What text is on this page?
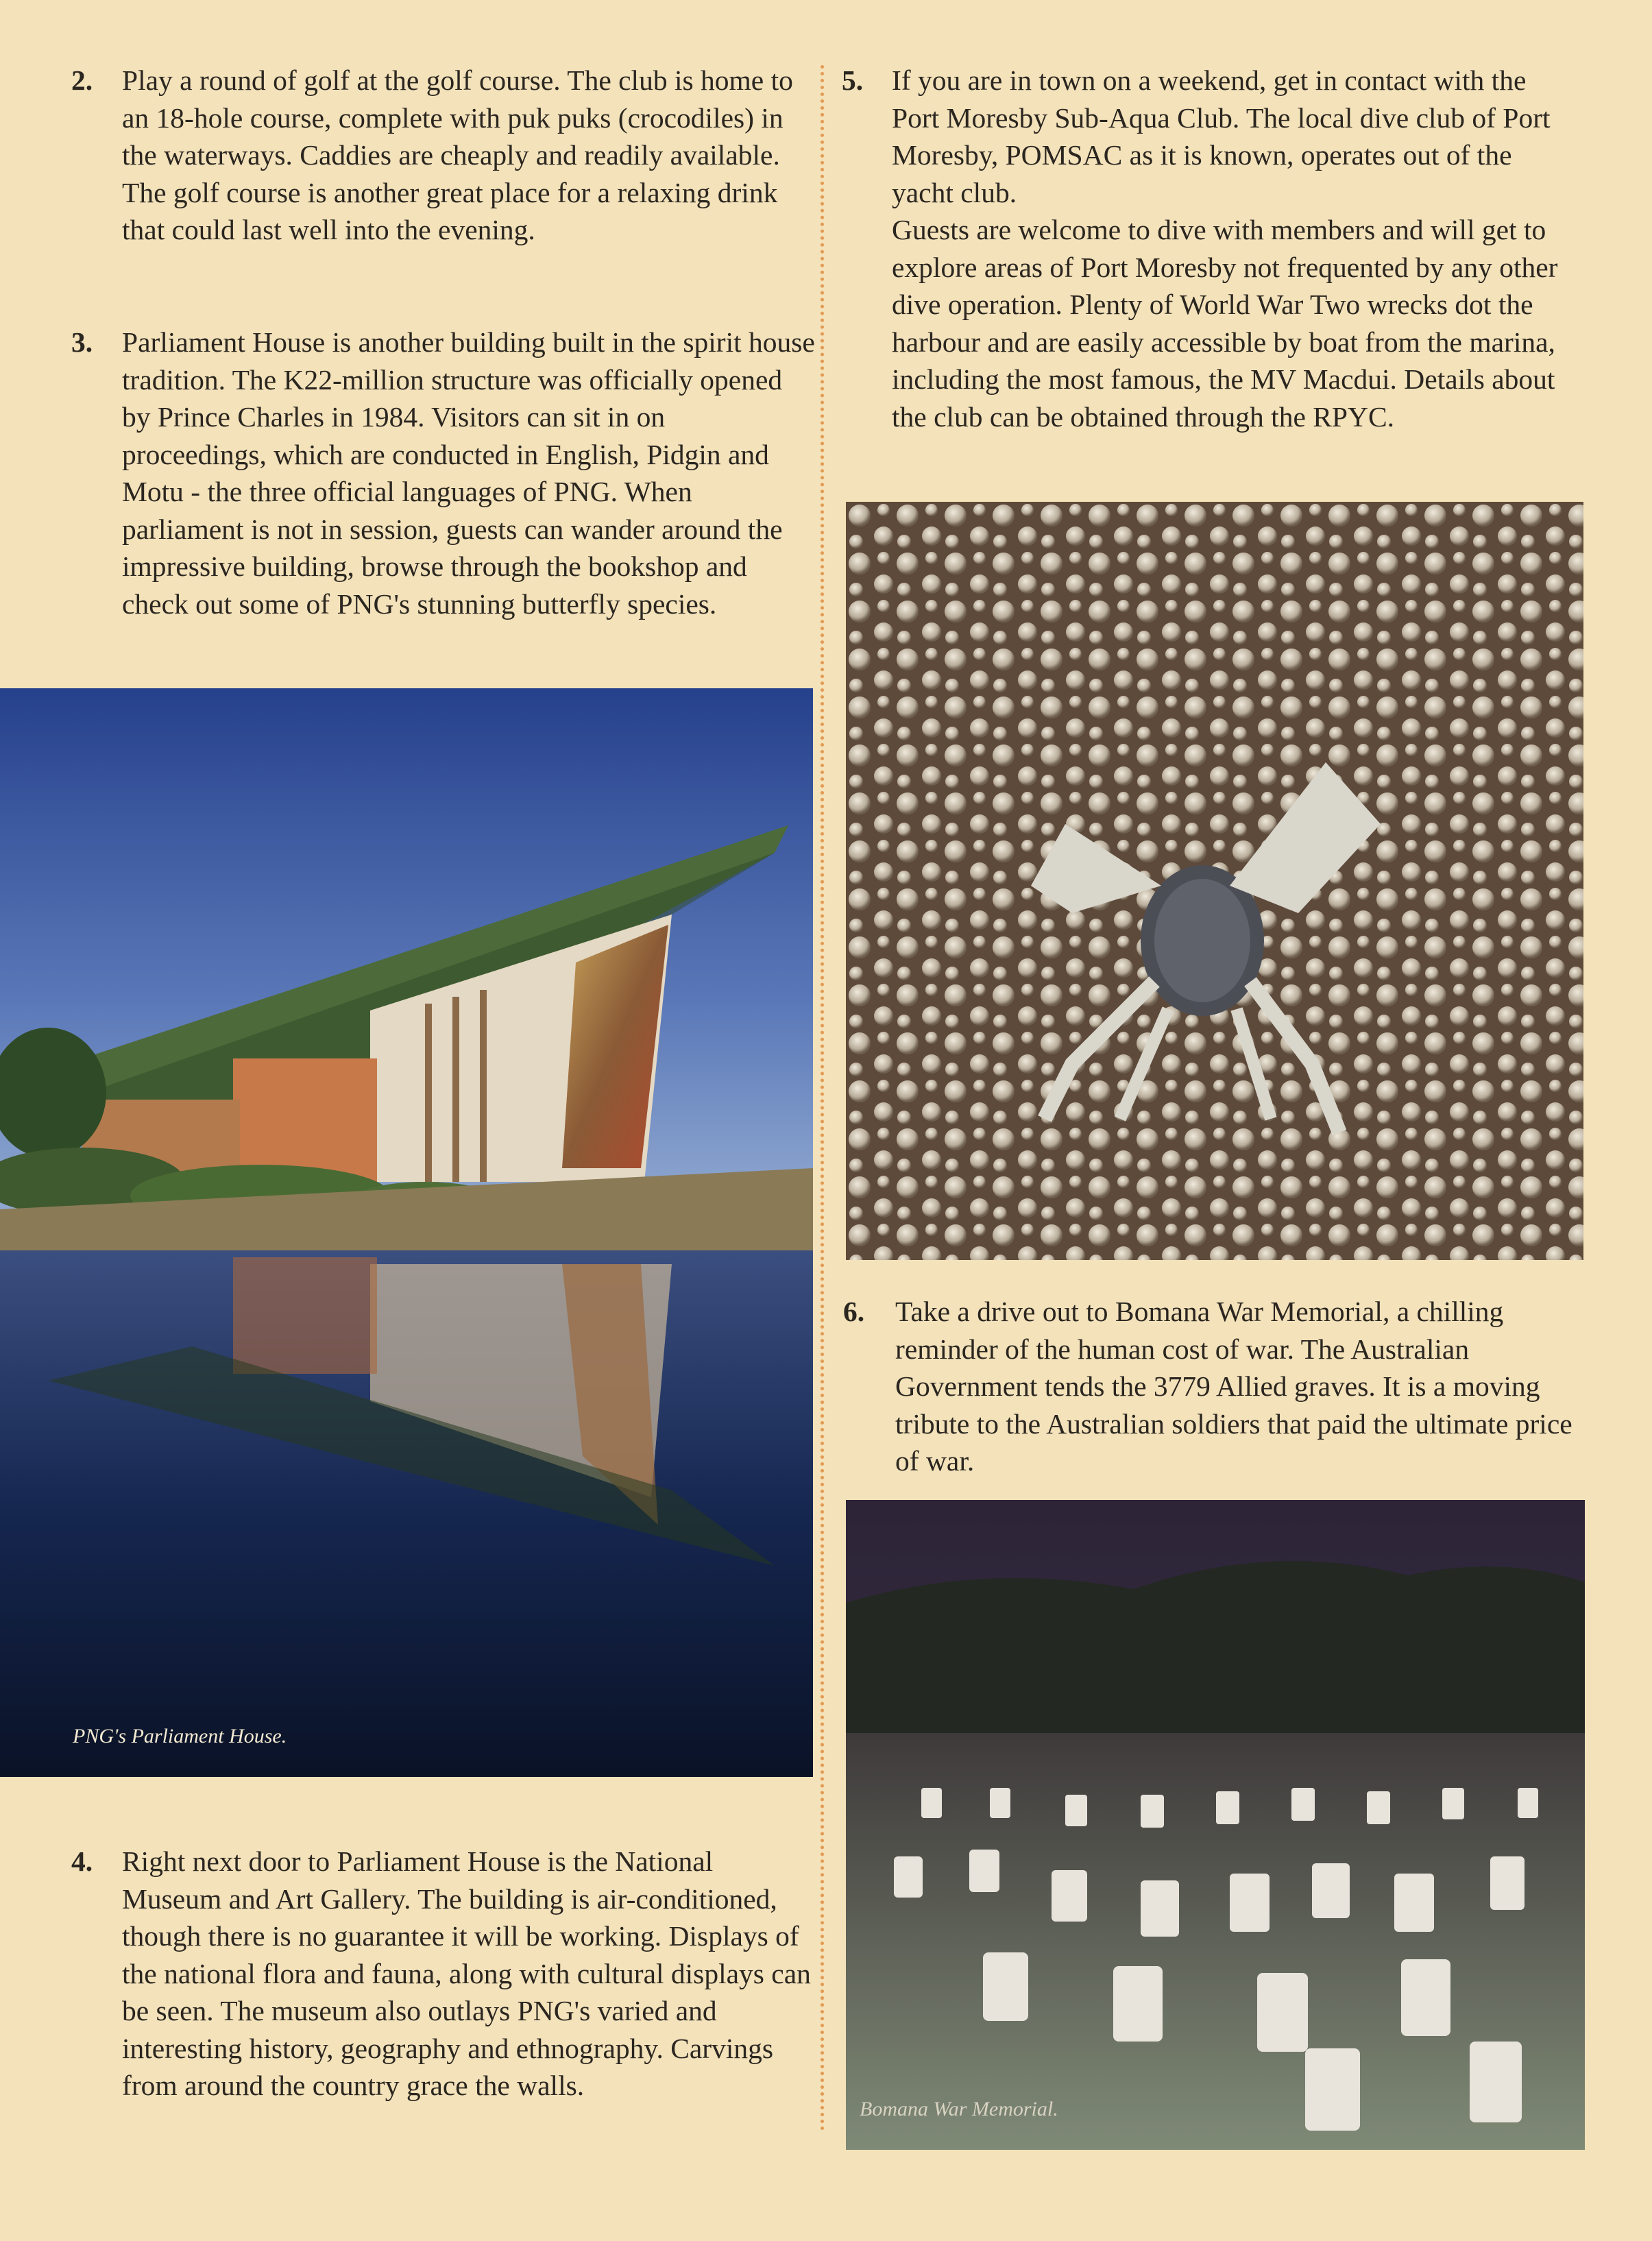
2. Play a round of golf at the golf course. The club is home to an 18-hole course, complete with puk puks (crocodiles) in the waterways. Caddies are cheaply and readily available. The golf course is another great place for a relaxing drink that could last well into the evening.

3. Parliament House is another building built in the spirit house tradition. The K22-million structure was officially opened by Prince Charles in 1984. Visitors can sit in on proceedings, which are conducted in English, Pidgin and Motu - the three official languages of PNG. When parliament is not in session, guests can wander around the impressive building, browse through the bookshop and check out some of PNG's stunning butterfly species.

PNG's Parliament House.
4. Right next door to Parliament House is the National Museum and Art Gallery. The building is air-conditioned, though there is no guarantee it will be working. Displays of the national flora and fauna, along with cultural displays can be seen. The museum also outlays PNG's varied and interesting history, geography and ethnography. Carvings from around the country grace the walls.

5. If you are in town on a weekend, get in contact with the Port Moresby Sub-Aqua Club. The local dive club of Port Moresby, POMSAC as it is known, operates out of the yacht club.

Guests are welcome to dive with members and will get to explore areas of Port Moresby not frequented by any other dive operation. Plenty of World War Two wrecks dot the harbour and are easily accessible by boat from the marina, including the most famous, the MV Macdui. Details about the club can be obtained through the RPYC.

6. Take a drive out to Bomana War Memorial, a chilling reminder of the human cost of war. The Australian Government tends the 3779 Allied graves. It is a moving tribute to the Australian soldiers that paid the ultimate price of war.

Bomana War Memorial.
